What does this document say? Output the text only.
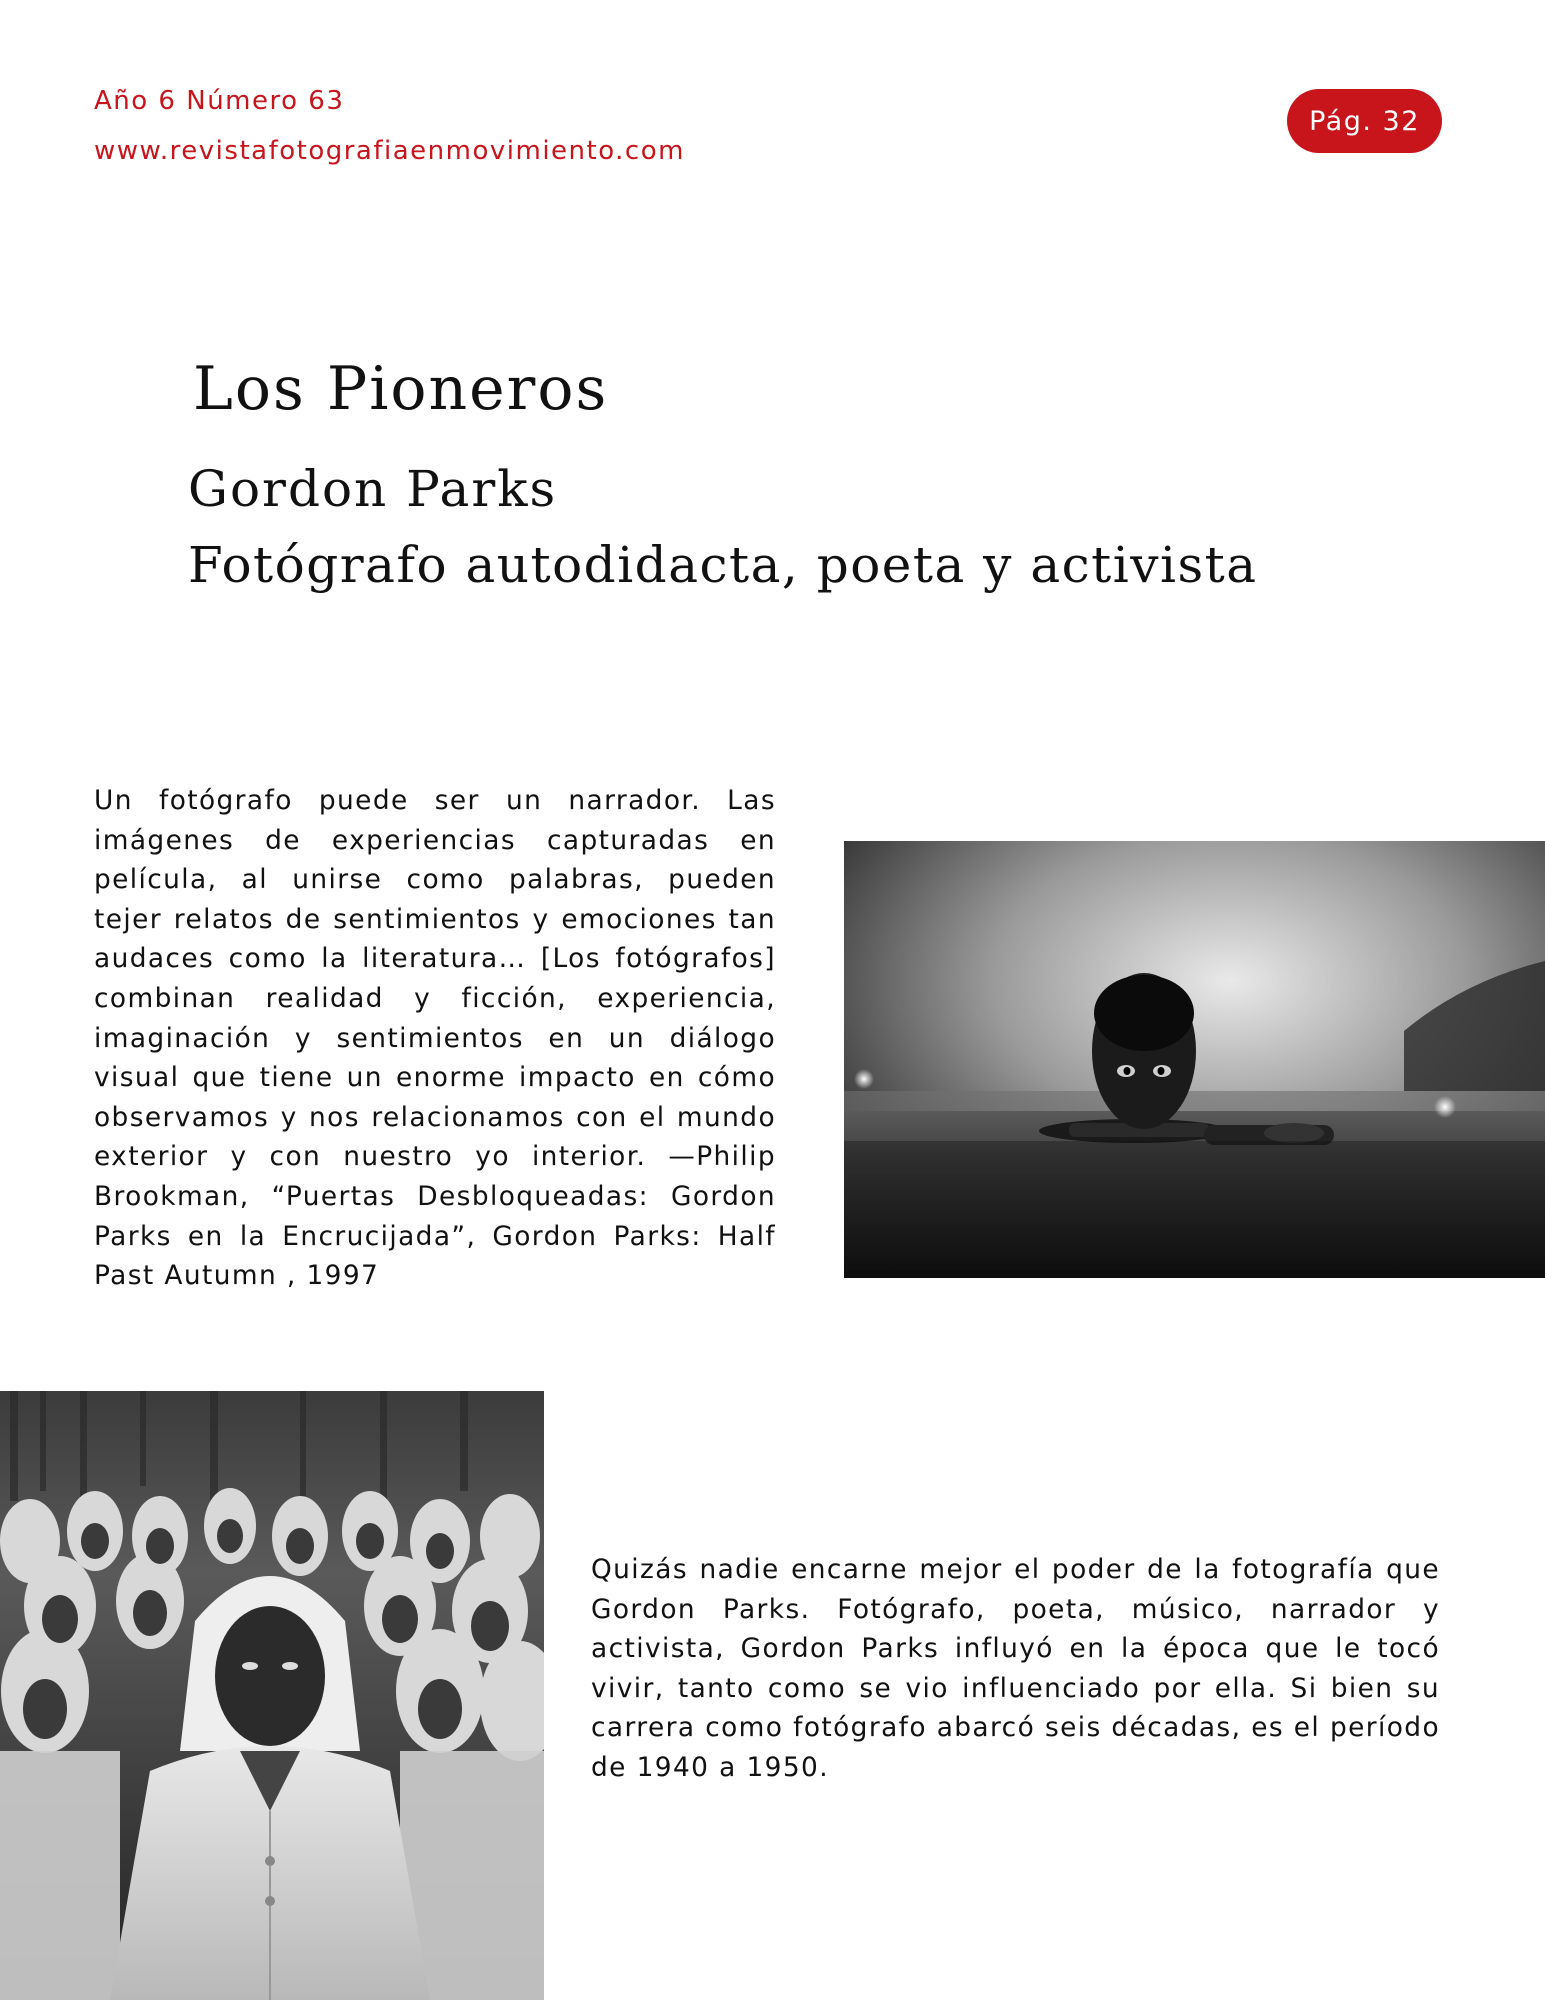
Año 6 Número 63
www.revistafotografiaenmovimiento.com
Pág. 32
Los Pioneros
Gordon Parks
Fotógrafo autodidacta, poeta y activista

Un fotógrafo puede ser un narrador. Las imágenes de experiencias capturadas en película, al unirse como palabras, pueden tejer relatos de sentimientos y emociones tan audaces como la literatura… [Los fotógrafos] combinan realidad y ficción, experiencia, imaginación y sentimientos en un diálogo visual que tiene un enorme impacto en cómo observamos y nos relacionamos con el mundo exterior y con nuestro yo interior. —Philip Brookman, “Puertas Desbloqueadas: Gordon Parks en la Encrucijada”, Gordon Parks: Half Past Autumn , 1997

Quizás nadie encarne mejor el poder de la fotografía que Gordon Parks. Fotógrafo, poeta, músico, narrador y activista, Gordon Parks influyó en la época que le tocó vivir, tanto como se vio influenciado por ella. Si bien su carrera como fotógrafo abarcó seis décadas, es el período de 1940 a 1950.
